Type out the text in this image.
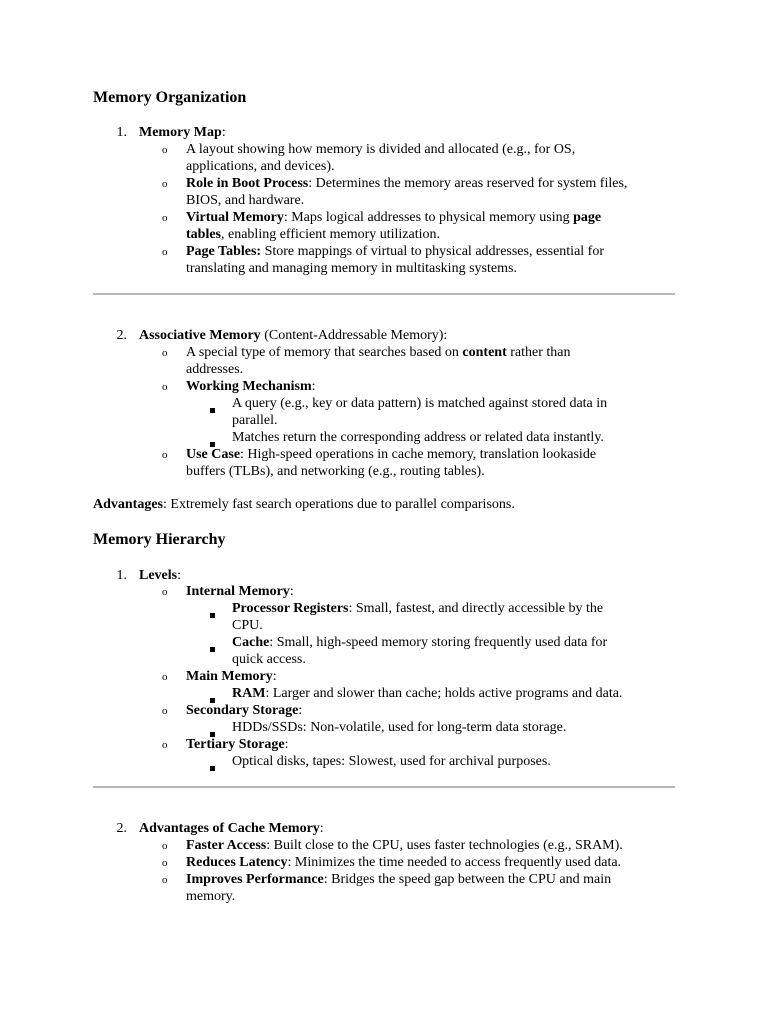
Memory Organization
1. Memory Map:
o A layout showing how memory is divided and allocated (e.g., for OS,
applications, and devices).
o Role in Boot Process: Determines the memory areas reserved for system files,
BIOS, and hardware.
o Virtual Memory: Maps logical addresses to physical memory using page
tables, enabling efficient memory utilization.
o Page Tables: Store mappings of virtual to physical addresses, essential for
translating and managing memory in multitasking systems.
2. Associative Memory (Content-Addressable Memory):
o A special type of memory that searches based on content rather than
addresses.
o Working Mechanism:
A query (e.g., key or data pattern) is matched against stored data in
parallel.
Matches return the corresponding address or related data instantly.
o Use Case: High-speed operations in cache memory, translation lookaside
buffers (TLBs), and networking (e.g., routing tables).
Advantages: Extremely fast search operations due to parallel comparisons.
Memory Hierarchy
1. Levels:
o Internal Memory:
Processor Registers: Small, fastest, and directly accessible by the
CPU.
Cache: Small, high-speed memory storing frequently used data for
quick access.
o Main Memory:
RAM: Larger and slower than cache; holds active programs and data.
o Secondary Storage:
HDDs/SSDs: Non-volatile, used for long-term data storage.
o Tertiary Storage:
Optical disks, tapes: Slowest, used for archival purposes.
2. Advantages of Cache Memory:
o Faster Access: Built close to the CPU, uses faster technologies (e.g., SRAM).
o Reduces Latency: Minimizes the time needed to access frequently used data.
o Improves Performance: Bridges the speed gap between the CPU and main
memory.
